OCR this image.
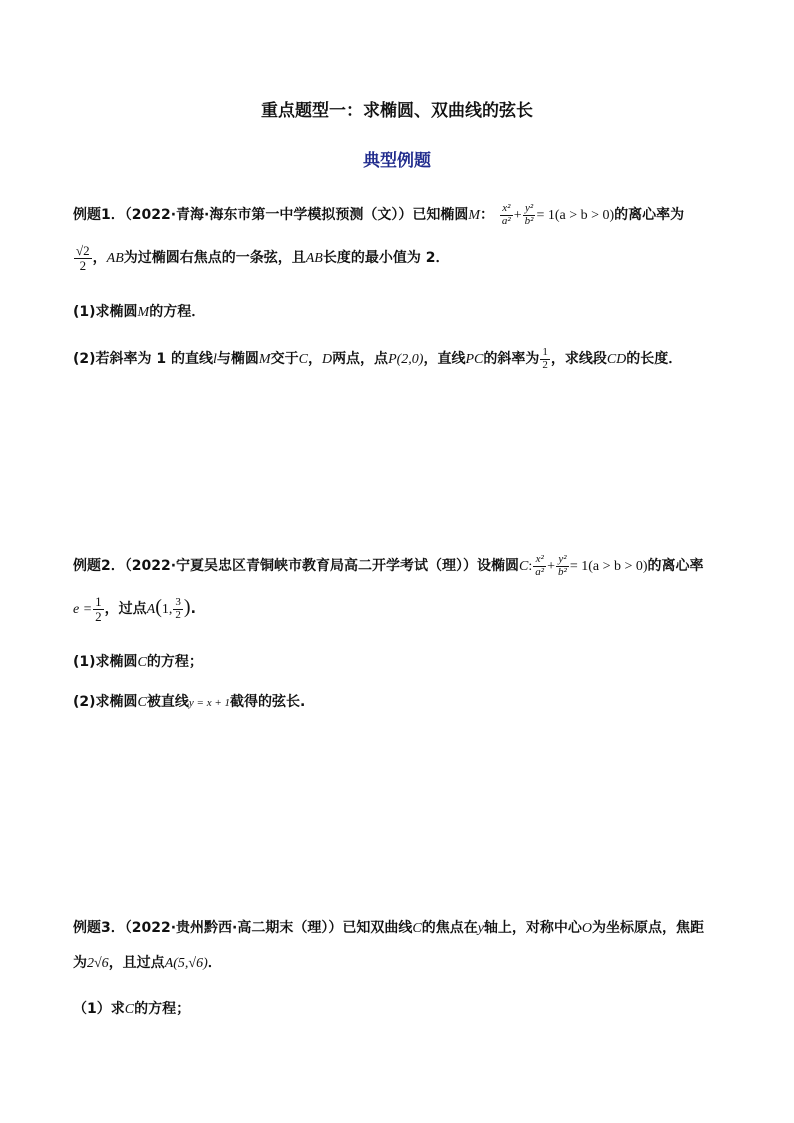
重点题型一：求椭圆、双曲线的弦长
典型例题
例题1．（2022·青海·海东市第一中学模拟预测（文））已知椭圆M： $\frac{\text{x²}}{\text{a²}} + \frac{\text{y²}}{\text{b²}} = 1(a > b > 0)$的离心率为
$\frac{√2}{2}$ ，AB为过椭圆右焦点的一条弦，且AB长度的最小值为 2．
(1)求椭圆M的方程．
(2)若斜率为 1 的直线l与椭圆M交于C，D两点，点P(2,0)，直线PC的斜率为 $\frac{1}{2}$ ，求线段CD的长度．
例题2．（2022·宁夏吴忠区青铜峡市教育局高二开学考试（理））设椭圆C: $\frac{\text{x²}}{\text{a²}} + \frac{\text{y²}}{\text{b²}} = 1(a > b > 0)$的离心率
$e = \frac{1}{2}$ ，过点A(1, $\frac{3}{2}$ ).
(1)求椭圆C的方程；
(2)求椭圆C被直线y = x + 1截得的弦长.
例题3．（2022·贵州黔西·高二期末（理））已知双曲线C的焦点在y轴上，对称中心O为坐标原点，焦距
为2√6，且过点A(5,√6)．
（1）求C的方程；
